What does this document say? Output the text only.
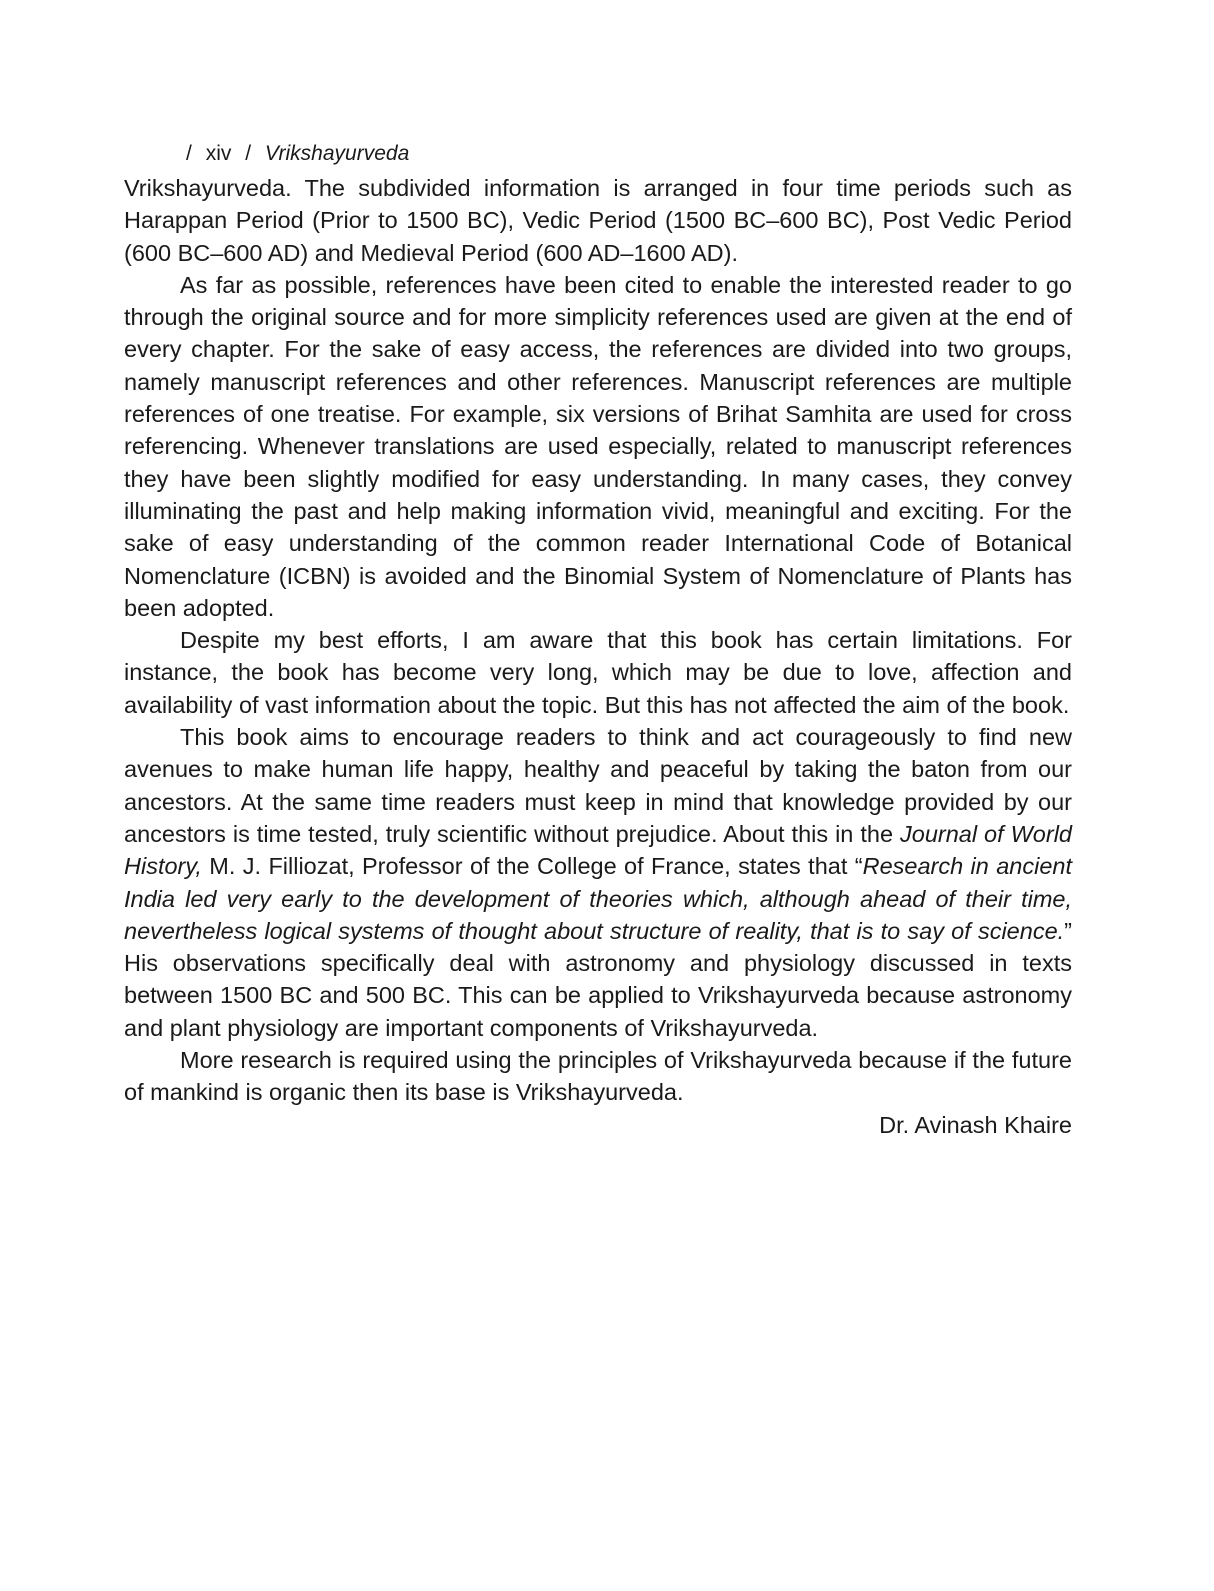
/ xiv / Vrikshayurveda

Vrikshayurveda. The subdivided information is arranged in four time periods such as Harappan Period (Prior to 1500 BC), Vedic Period (1500 BC–600 BC), Post Vedic Period (600 BC–600 AD) and Medieval Period (600 AD–1600 AD).

As far as possible, references have been cited to enable the interested reader to go through the original source and for more simplicity references used are given at the end of every chapter. For the sake of easy access, the references are divided into two groups, namely manuscript references and other references. Manuscript references are multiple references of one treatise. For example, six versions of Brihat Samhita are used for cross referencing. Whenever translations are used especially, related to manuscript references they have been slightly modified for easy understanding. In many cases, they convey illuminating the past and help making information vivid, meaningful and exciting. For the sake of easy understanding of the common reader International Code of Botanical Nomenclature (ICBN) is avoided and the Binomial System of Nomenclature of Plants has been adopted.

Despite my best efforts, I am aware that this book has certain limitations. For instance, the book has become very long, which may be due to love, affection and availability of vast information about the topic. But this has not affected the aim of the book.

This book aims to encourage readers to think and act courageously to find new avenues to make human life happy, healthy and peaceful by taking the baton from our ancestors. At the same time readers must keep in mind that knowledge provided by our ancestors is time tested, truly scientific without prejudice. About this in the Journal of World History, M. J. Filliozat, Professor of the College of France, states that “Research in ancient India led very early to the development of theories which, although ahead of their time, nevertheless logical systems of thought about structure of reality, that is to say of science.” His observations specifically deal with astronomy and physiology discussed in texts between 1500 BC and 500 BC. This can be applied to Vrikshayurveda because astronomy and plant physiology are important components of Vrikshayurveda.

More research is required using the principles of Vrikshayurveda because if the future of mankind is organic then its base is Vrikshayurveda.

Dr. Avinash Khaire
